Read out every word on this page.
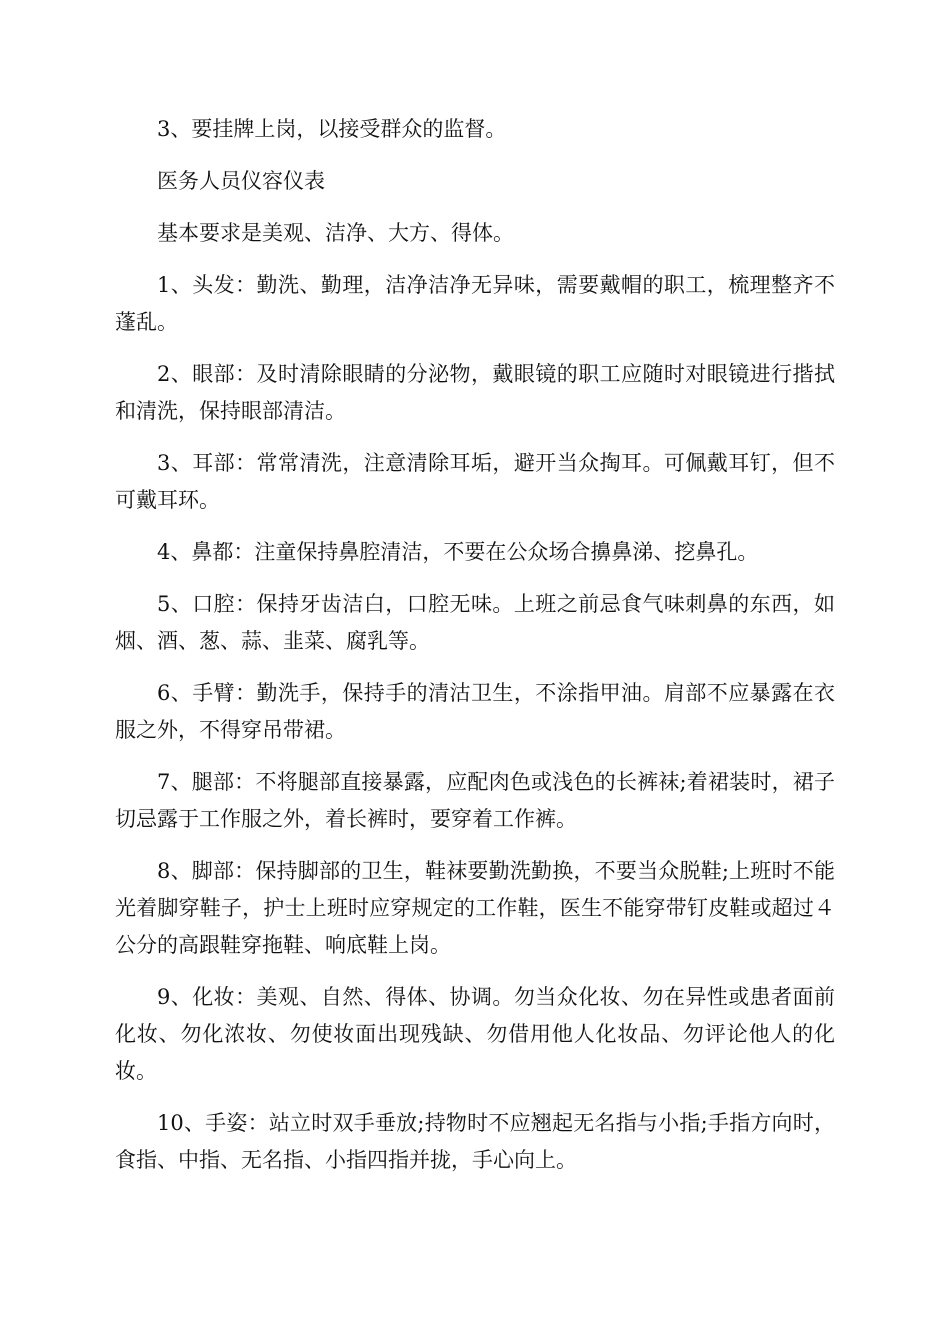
3、要挂牌上岗，以接受群众的监督。

医务人员仪容仪表

基本要求是美观、洁净、大方、得体。

1、头发：勤洗、勤理，洁净洁净无异味，需要戴帽的职工，梳理整齐不蓬乱。

2、眼部：及时清除眼睛的分泌物，戴眼镜的职工应随时对眼镜进行揩拭和清洗，保持眼部清洁。

3、耳部：常常清洗，注意清除耳垢，避开当众掏耳。可佩戴耳钉，但不可戴耳环。

4、鼻都：注童保持鼻腔清洁，不要在公众场合擤鼻涕、挖鼻孔。

5、口腔：保持牙齿洁白，口腔无味。上班之前忌食气味刺鼻的东西，如烟、酒、葱、蒜、韭菜、腐乳等。

6、手臂：勤洗手，保持手的清沽卫生，不涂指甲油。肩部不应暴露在衣服之外，不得穿吊带裙。

7、腿部：不将腿部直接暴露，应配肉色或浅色的长裤袜;着裙装时，裙子切忌露于工作服之外，着长裤时，要穿着工作裤。

8、脚部：保持脚部的卫生，鞋袜要勤洗勤换，不要当众脱鞋;上班时不能光着脚穿鞋子，护士上班时应穿规定的工作鞋，医生不能穿带钉皮鞋或超过４公分的高跟鞋穿拖鞋、响底鞋上岗。

9、化妆：美观、自然、得体、协调。勿当众化妆、勿在异性或患者面前化妆、勿化浓妆、勿使妆面出现残缺、勿借用他人化妆品、勿评论他人的化妆。

10、手姿：站立时双手垂放;持物时不应翘起无名指与小指;手指方向时，食指、中指、无名指、小指四指并拢，手心向上。
